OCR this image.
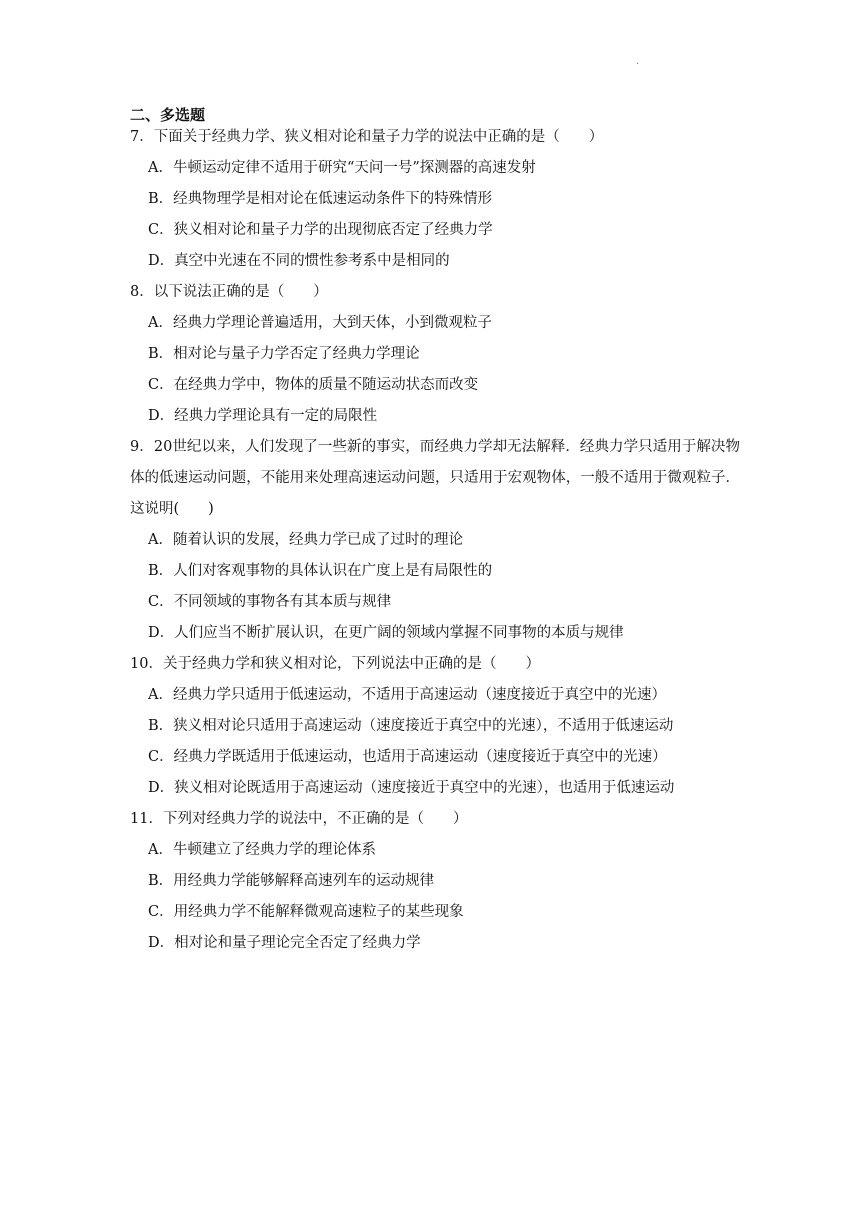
.
二、多选题

7．下面关于经典力学、狭义相对论和量子力学的说法中正确的是（　　）

A．牛顿运动定律不适用于研究“天问一号”探测器的高速发射

B．经典物理学是相对论在低速运动条件下的特殊情形

C．狭义相对论和量子力学的出现彻底否定了经典力学

D．真空中光速在不同的惯性参考系中是相同的

8．以下说法正确的是（　　）

A．经典力学理论普遍适用，大到天体，小到微观粒子

B．相对论与量子力学否定了经典力学理论

C．在经典力学中，物体的质量不随运动状态而改变

D．经典力学理论具有一定的局限性

9．20世纪以来，人们发现了一些新的事实，而经典力学却无法解释．经典力学只适用于解决物体的低速运动问题，不能用来处理高速运动问题，只适用于宏观物体，一般不适用于微观粒子．这说明(　　)

A．随着认识的发展，经典力学已成了过时的理论

B．人们对客观事物的具体认识在广度上是有局限性的

C．不同领域的事物各有其本质与规律

D．人们应当不断扩展认识，在更广阔的领域内掌握不同事物的本质与规律

10．关于经典力学和狭义相对论，下列说法中正确的是（　　）

A．经典力学只适用于低速运动，不适用于高速运动（速度接近于真空中的光速）

B．狭义相对论只适用于高速运动（速度接近于真空中的光速），不适用于低速运动

C．经典力学既适用于低速运动，也适用于高速运动（速度接近于真空中的光速）

D．狭义相对论既适用于高速运动（速度接近于真空中的光速），也适用于低速运动

11．下列对经典力学的说法中，不正确的是（　　）

A．牛顿建立了经典力学的理论体系

B．用经典力学能够解释高速列车的运动规律

C．用经典力学不能解释微观高速粒子的某些现象

D．相对论和量子理论完全否定了经典力学
